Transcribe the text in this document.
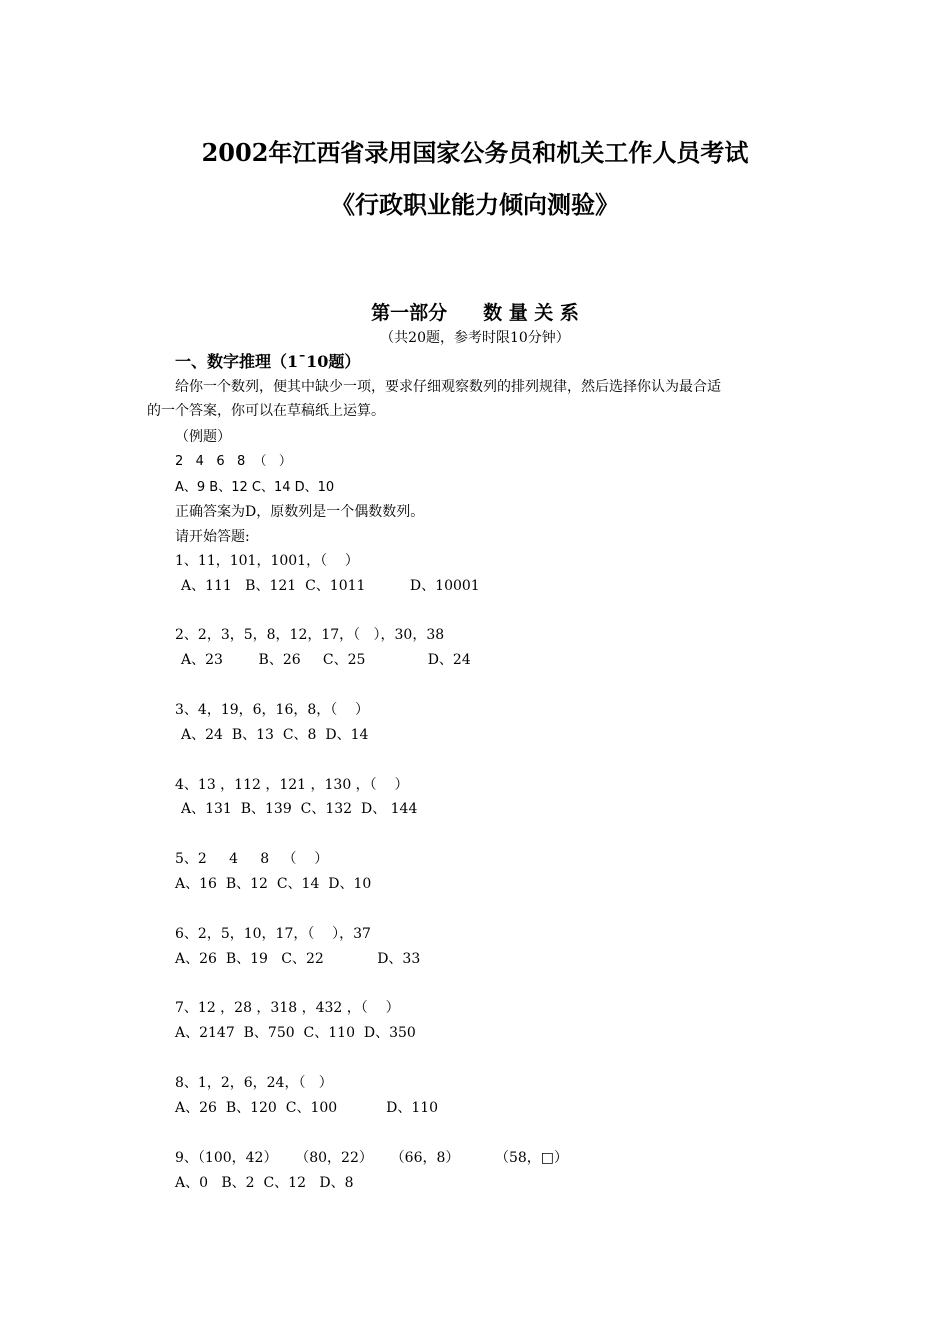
2002年江西省录用国家公务员和机关工作人员考试
《行政职业能力倾向测验》
第一部分 数 量 关 系
（共20题，参考时限10分钟）
一、数字推理（1¯10题）
给你一个数列，便其中缺少一项，要求仔细观察数列的排列规律，然后选择你认为最合适
的一个答案，你可以在草稿纸上运算。
（例题）
2   4   6   8  （   ）
A、9 B、12 C、14 D、10
正确答案为D，原数列是一个偶数数列。
请开始答题:
1、11，101，1001，（    ）
A、111   B、121  C、1011          D、10001
2、2，3，5，8，12，17，（   ），30，38
A、23        B、26     C、25              D、24
3、4，19，6，16，8，（    ）
A、24  B、13  C、8  D、14
4、13 ，112 ，121 ，130 ，（    ）
A、131  B、139  C、132  D、 144
5、2     4     8   （    ）
A、16  B、12  C、14  D、10
6、2，5，10，17，（    ），37
A、26  B、19   C、22            D、33
7、12 ，28 ，318 ，432 ，（    ）
A、2147  B、750  C、110  D、350
8、1，2，6，24，（   ）
A、26  B、120  C、100           D、110
9、（100，42）    （80，22）    （66，8）        （58，□）
A、0   B、2  C、12   D、8
